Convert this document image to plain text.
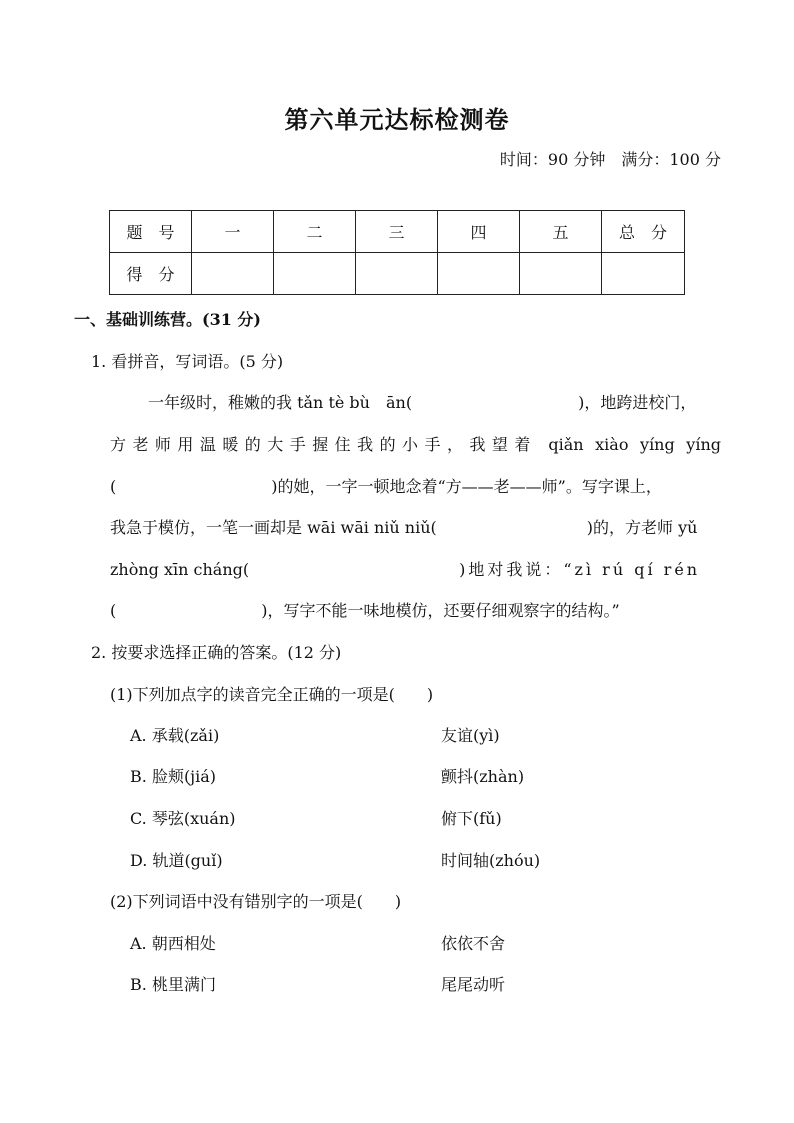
第六单元达标检测卷
时间：90 分钟　满分：100 分
题　号	一	二	三	四	五	总　分
得　分						
一、基础训练营。(31 分)
1. 看拼音，写词语。(5 分)
一年级时，稚嫩的我 tǎn tè bù　ān(	)，地跨进校门，
方老师用温暖的大手握住我的小手，我望着 qiǎn xiào yíng yíng
(	)的她，一字一顿地念着“方——老——师”。写字课上，
我急于模仿，一笔一画却是 wāi wāi niǔ niǔ(	)的，方老师 yǔ
zhòng xīn cháng(	)地对我说：“zì rú qí rén
(	)，写字不能一味地模仿，还要仔细观察字的结构。”
2. 按要求选择正确的答案。(12 分)
(1)下列加点字的读音完全正确的一项是(　　)
A. 承载(zǎi)	友谊(yì)
B. 脸颊(jiá)	颤抖(zhàn)
C. 琴弦(xuán)	俯下(fǔ)
D. 轨道(guǐ)	时间轴(zhóu)
(2)下列词语中没有错别字的一项是(　　)
A. 朝西相处	依依不舍
B. 桃里满门	尾尾动听
